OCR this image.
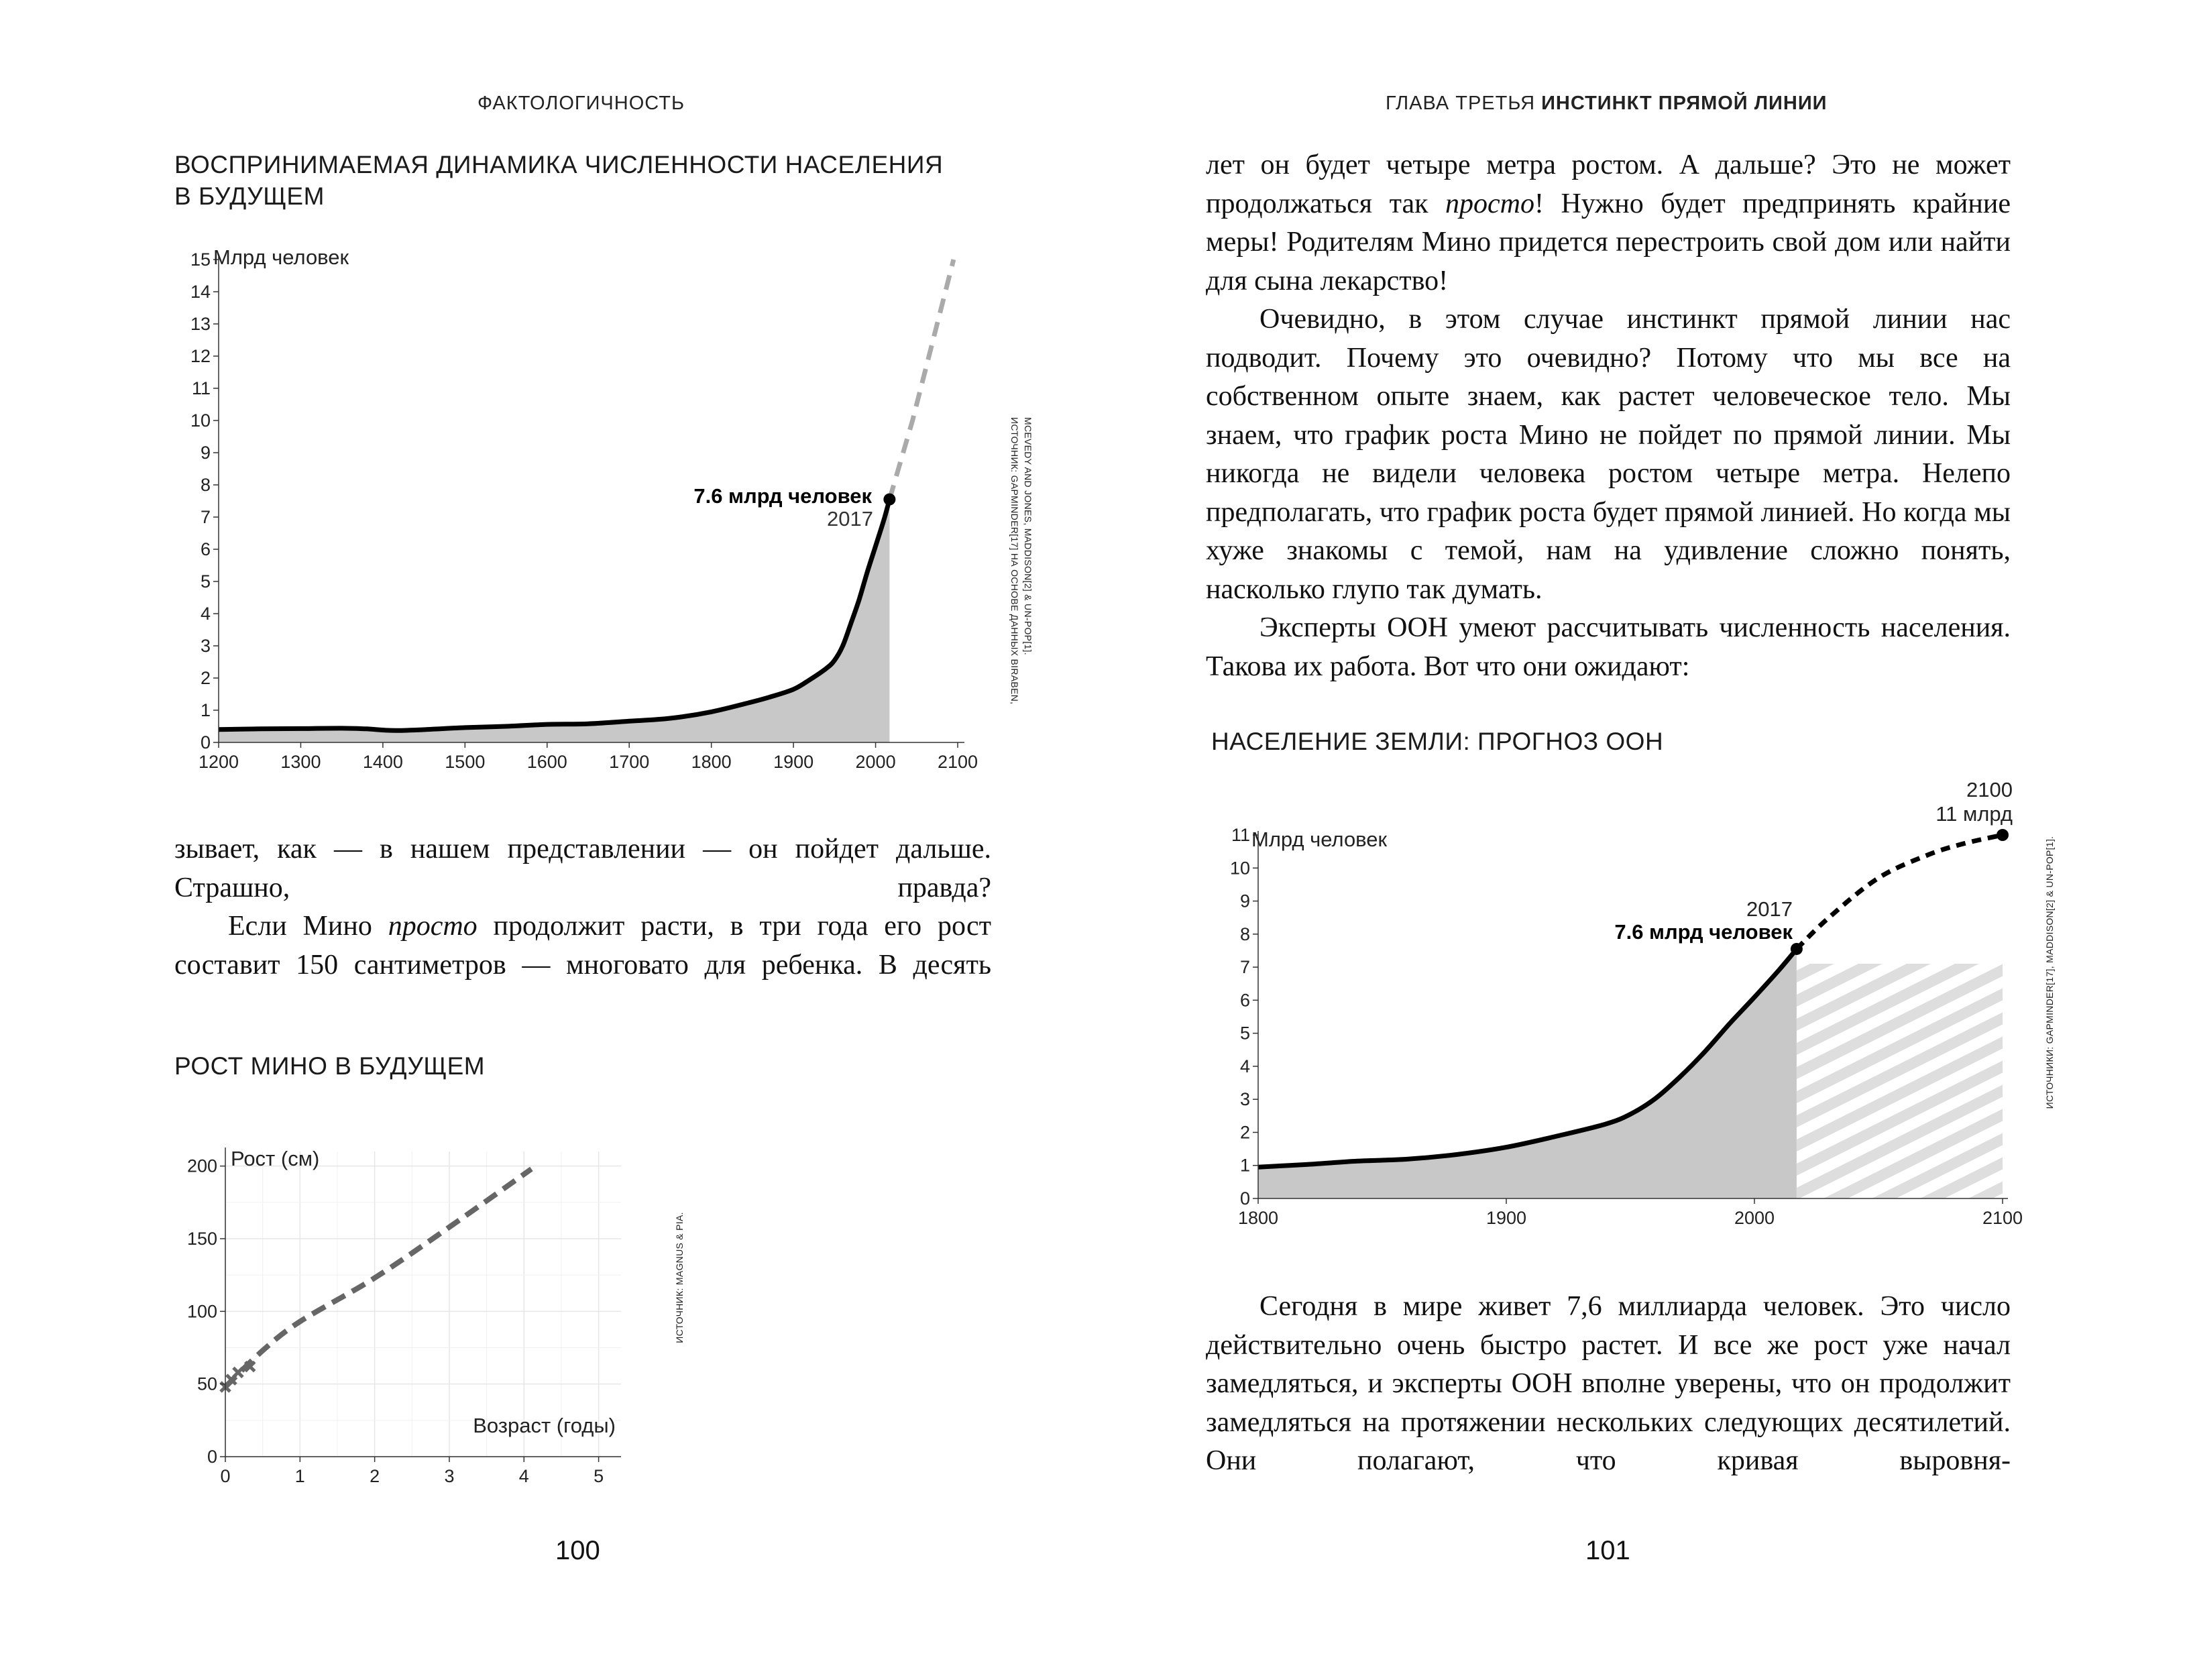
ФАКТОЛОГИЧНОСТЬ
ВОСПРИНИМАЕМАЯ ДИНАМИКА ЧИСЛЕННОСТИ НАСЕЛЕНИЯ
В БУДУЩЕМ
0
1
2
3
4
5
6
7
8
9
10
11
12
13
14
15
1200 1300 1400 1500 1600 1700 1800 1900 2000 2100
Млрд человек
7.6 млрд человек
2017	ИСТОЧНИК: GAPMINDER[17] НА ОСНОВЕ ДАННЫХ BIRABEN, MCEVEDY AND JONES, MADDISON[2] & UN-POP[1].

зывает, как — в нашем представлении — он пойдет дальше. Страшно, правда?

Если Мино просто продолжит расти, в три года его рост составит 150 сантиметров — многовато для ребенка. В десять

РОСТ МИНО В БУДУЩЕМ
0
50
100
150
200
0	1	2	3	4	5
Рост (см)
Возраст (годы)
ИСТОЧНИК: MAGNUS & PIA.
100
ГЛАВА ТРЕТЬЯ ИНСТИНКТ ПРЯМОЙ ЛИНИИ

лет он будет четыре метра ростом. А дальше? Это не может продолжаться так просто! Нужно будет предпринять крайние меры! Родителям Мино придется перестроить свой дом или найти для сына лекарство!

Очевидно, в этом случае инстинкт прямой линии нас подводит. Почему это очевидно? Потому что мы все на собственном опыте знаем, как растет человеческое тело. Мы знаем, что график роста Мино не пойдет по прямой линии. Мы никогда не видели человека ростом четыре метра. Нелепо предполагать, что график роста будет прямой линией. Но когда мы хуже знакомы с темой, нам на удивление сложно понять, насколько глупо так думать.

Эксперты ООН умеют рассчитывать численность населения. Такова их работа. Вот что они ожидают:

НАСЕЛЕНИЕ ЗЕМЛИ: ПРОГНОЗ ООН
0
1
2
3
4
5
6
7
8
9
10
11
1800	1900	2000	2100
Млрд человек
2100
11 млрд
2017
7.6 млрд человек	ИСТОЧНИКИ: GAPMINDER[17], MADDISON[2] & UN-POP[1].

Сегодня в мире живет 7,6 миллиарда человек. Это число действительно очень быстро растет. И все же рост уже начал замедляться, и эксперты ООН вполне уверены, что он продолжит замедляться на протяжении нескольких следующих десятилетий. Они полагают, что кривая выровня-

101
